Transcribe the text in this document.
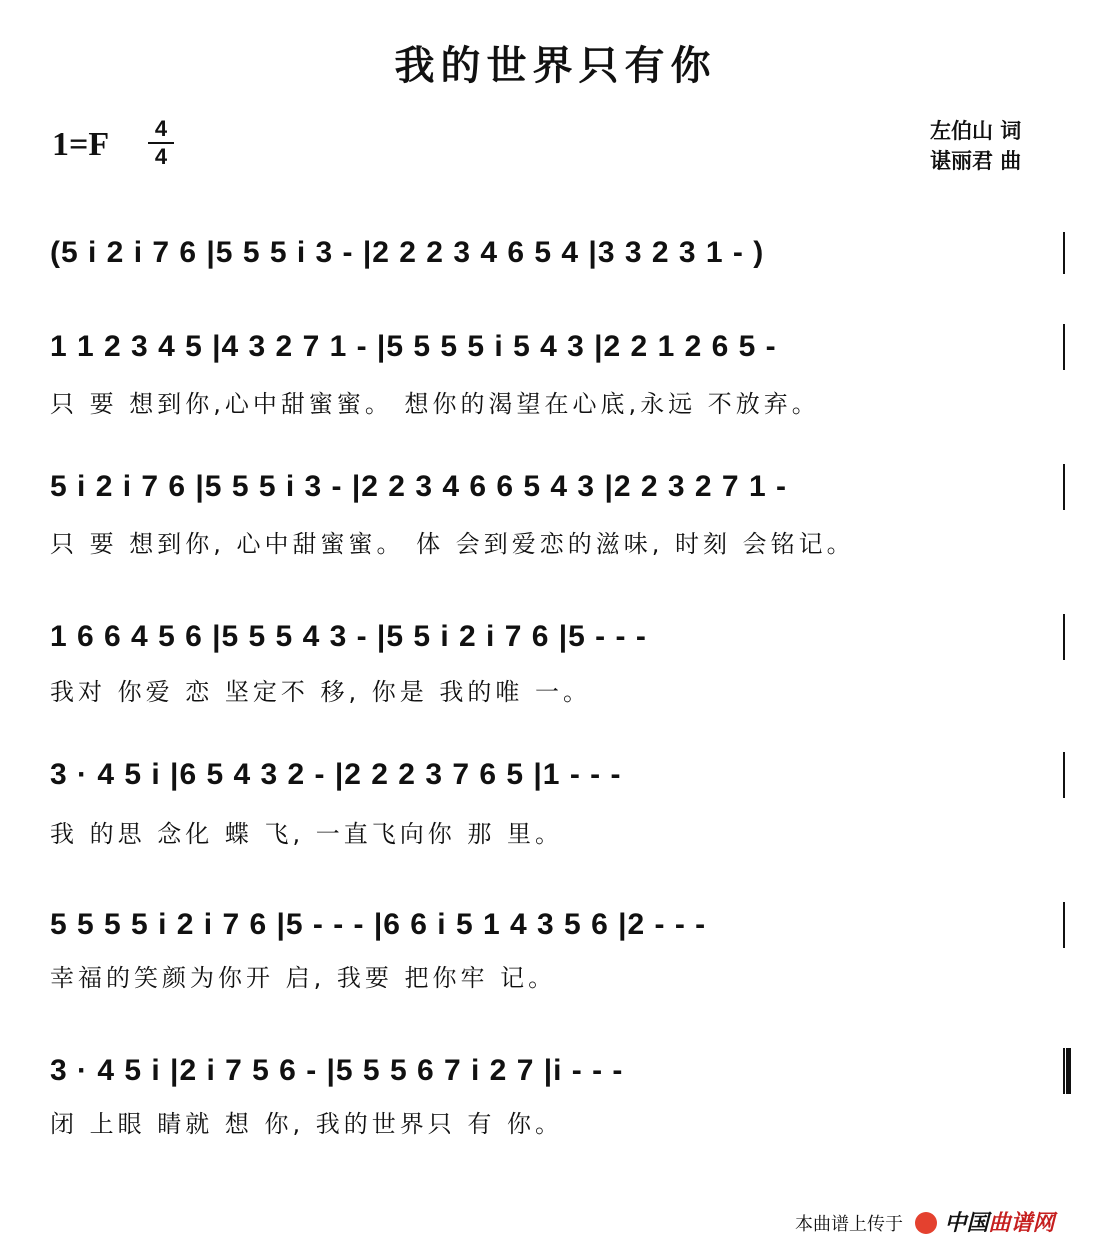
我的世界只有你
1=F	4
4
左伯山 词
谌丽君 曲
(5 i 2 i 7 6 |5 5 5 i 3 - |2 2 2 3 4 6 5 4 |3 3 2 3 1 - )
1 1 2 3 4 5 |4 3 2 7 1 - |5 5 5 5 i 5 4 3 |2 2 1 2 6 5 -
只 要 想到你,心中甜蜜蜜。 想你的渴望在心底,永远 不放弃。
5 i 2 i 7 6 |5 5 5 i 3 - |2 2 3 4 6 6 5 4 3 |2 2 3 2 7 1 -
只 要 想到你, 心中甜蜜蜜。 体 会到爱恋的滋味, 时刻 会铭记。
1 6 6 4 5 6 |5 5 5 4 3 - |5 5 i 2 i 7 6 |5 - - -
我对 你爱 恋 坚定不 移, 你是 我的唯 一。
3 · 4 5 i |6 5 4 3 2 - |2 2 2 3 7 6 5 |1 - - -
我 的思 念化 蝶 飞, 一直飞向你 那 里。
5 5 5 5 i 2 i 7 6 |5 - - - |6 6 i 5 1 4 3 5 6 |2 - - -
幸福的笑颜为你开 启, 我要 把你牢 记。
3 · 4 5 i |2 i 7 5 6 - |5 5 5 6 7 i 2 7 |i - - -
闭 上眼 睛就 想 你, 我的世界只 有 你。
本曲谱上传于 中国曲谱网
